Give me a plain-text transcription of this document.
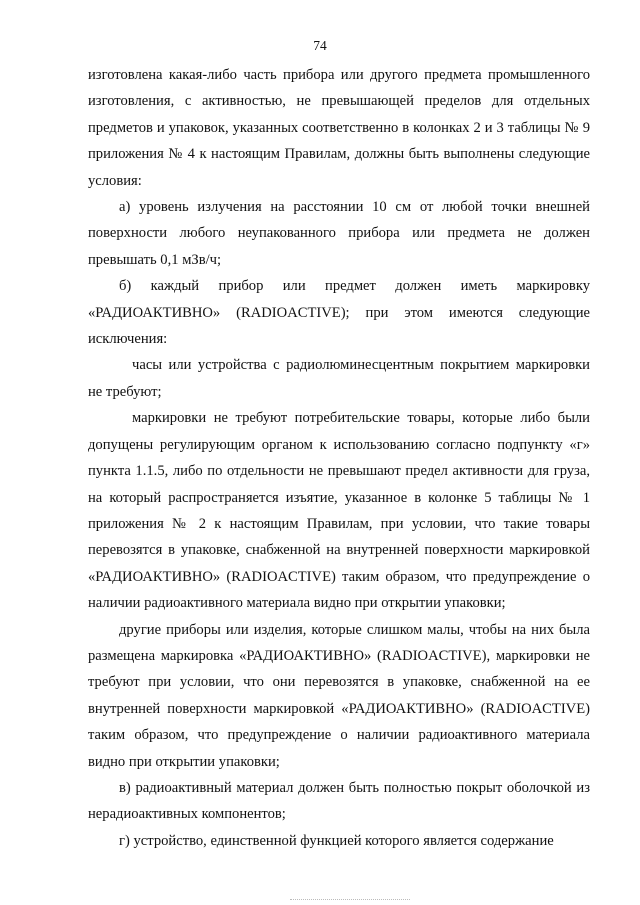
74

изготовлена какая-либо часть прибора или другого предмета промышленного изготовления, с активностью, не превышающей пределов для отдельных предметов и упаковок, указанных соответственно в колонках 2 и 3 таблицы № 9 приложения № 4 к настоящим Правилам, должны быть выполнены следующие условия:

а) уровень излучения на расстоянии 10 см от любой точки внешней поверхности любого неупакованного прибора или предмета не должен превышать 0,1 мЗв/ч;

б) каждый прибор или предмет должен иметь маркировку «РАДИОАКТИВНО» (RADIOACTIVE); при этом имеются следующие исключения:

часы или устройства с радиолюминесцентным покрытием маркировки не требуют;

маркировки не требуют потребительские товары, которые либо были допущены регулирующим органом к использованию согласно подпункту «г» пункта 1.1.5, либо по отдельности не превышают предел активности для груза, на который распространяется изъятие, указанное в колонке 5 таблицы № 1 приложения № 2 к настоящим Правилам, при условии, что такие товары перевозятся в упаковке, снабженной на внутренней поверхности маркировкой «РАДИОАКТИВНО» (RADIOACTIVE) таким образом, что предупреждение о наличии радиоактивного материала видно при открытии упаковки;

другие приборы или изделия, которые слишком малы, чтобы на них была размещена маркировка «РАДИОАКТИВНО» (RADIOACTIVE), маркировки не требуют при условии, что они перевозятся в упаковке, снабженной на ее внутренней поверхности маркировкой «РАДИОАКТИВНО» (RADIOACTIVE) таким образом, что предупреждение о наличии радиоактивного материала видно при открытии упаковки;

в) радиоактивный материал должен быть полностью покрыт оболочкой из нерадиоактивных компонентов;

г) устройство, единственной функцией которого является содержание
